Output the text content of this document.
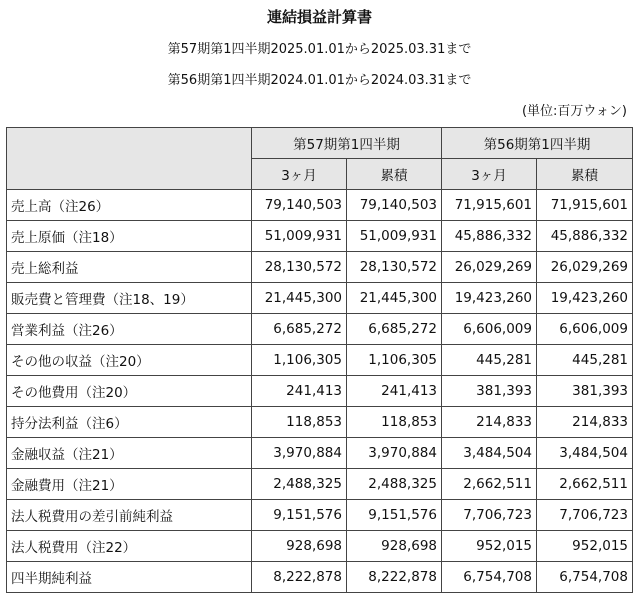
連結損益計算書
第57期第1四半期2025.01.01から2025.03.31まで
第56期第1四半期2024.01.01から2024.03.31まで
(単位:百万ウォン)
	第57期第1四半期		第56期第1四半期	
	3ヶ月	累積	3ヶ月	累積
売上高（注26）	79,140,503	79,140,503	71,915,601	71,915,601
売上原価（注18）	51,009,931	51,009,931	45,886,332	45,886,332
売上総利益	28,130,572	28,130,572	26,029,269	26,029,269
販売費と管理費（注18、19）	21,445,300	21,445,300	19,423,260	19,423,260
営業利益（注26）	6,685,272	6,685,272	6,606,009	6,606,009
その他の収益（注20）	1,106,305	1,106,305	445,281	445,281
その他費用（注20）	241,413	241,413	381,393	381,393
持分法利益（注6）	118,853	118,853	214,833	214,833
金融収益（注21）	3,970,884	3,970,884	3,484,504	3,484,504
金融費用（注21）	2,488,325	2,488,325	2,662,511	2,662,511
法人税費用の差引前純利益	9,151,576	9,151,576	7,706,723	7,706,723
法人税費用（注22）	928,698	928,698	952,015	952,015
四半期純利益	8,222,878	8,222,878	6,754,708	6,754,708
